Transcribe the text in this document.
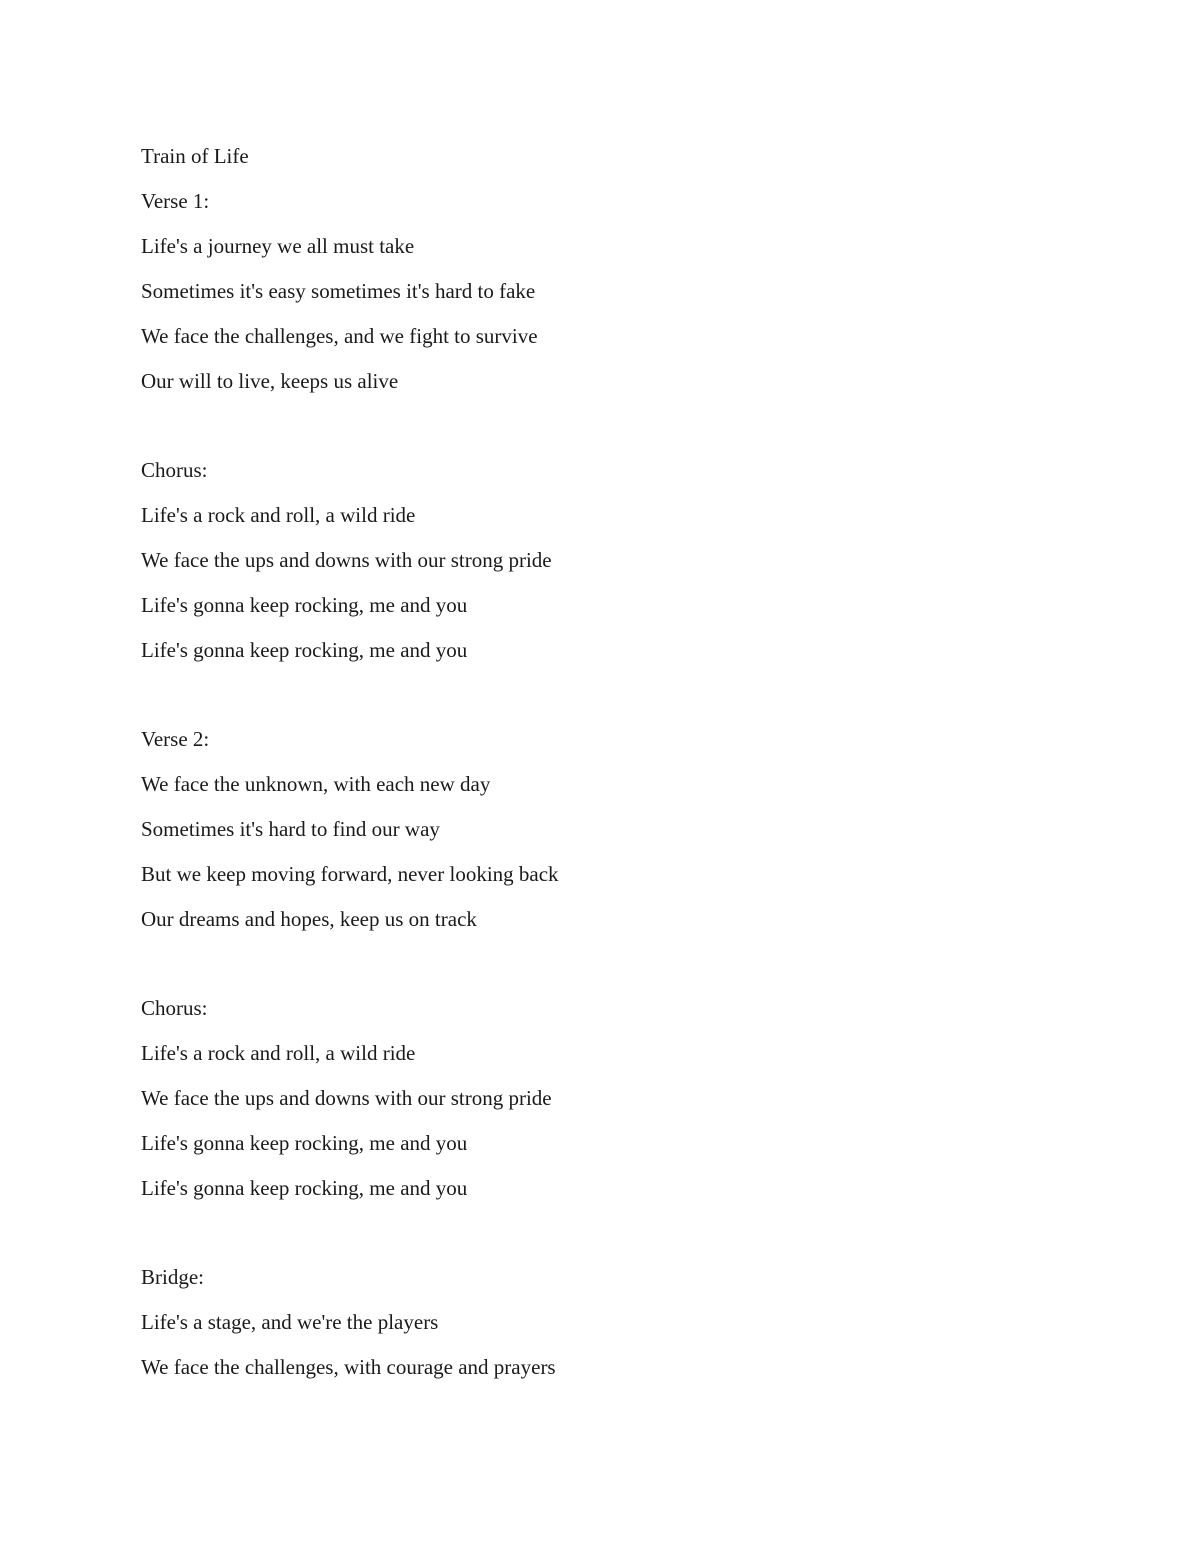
Train of Life
Verse 1:
Life's a journey we all must take
Sometimes it's easy sometimes it's hard to fake
We face the challenges, and we fight to survive
Our will to live, keeps us alive
Chorus:
Life's a rock and roll, a wild ride
We face the ups and downs with our strong pride
Life's gonna keep rocking, me and you
Life's gonna keep rocking, me and you
Verse 2:
We face the unknown, with each new day
Sometimes it's hard to find our way
But we keep moving forward, never looking back
Our dreams and hopes, keep us on track
Chorus:
Life's a rock and roll, a wild ride
We face the ups and downs with our strong pride
Life's gonna keep rocking, me and you
Life's gonna keep rocking, me and you
Bridge:
Life's a stage, and we're the players
We face the challenges, with courage and prayers
